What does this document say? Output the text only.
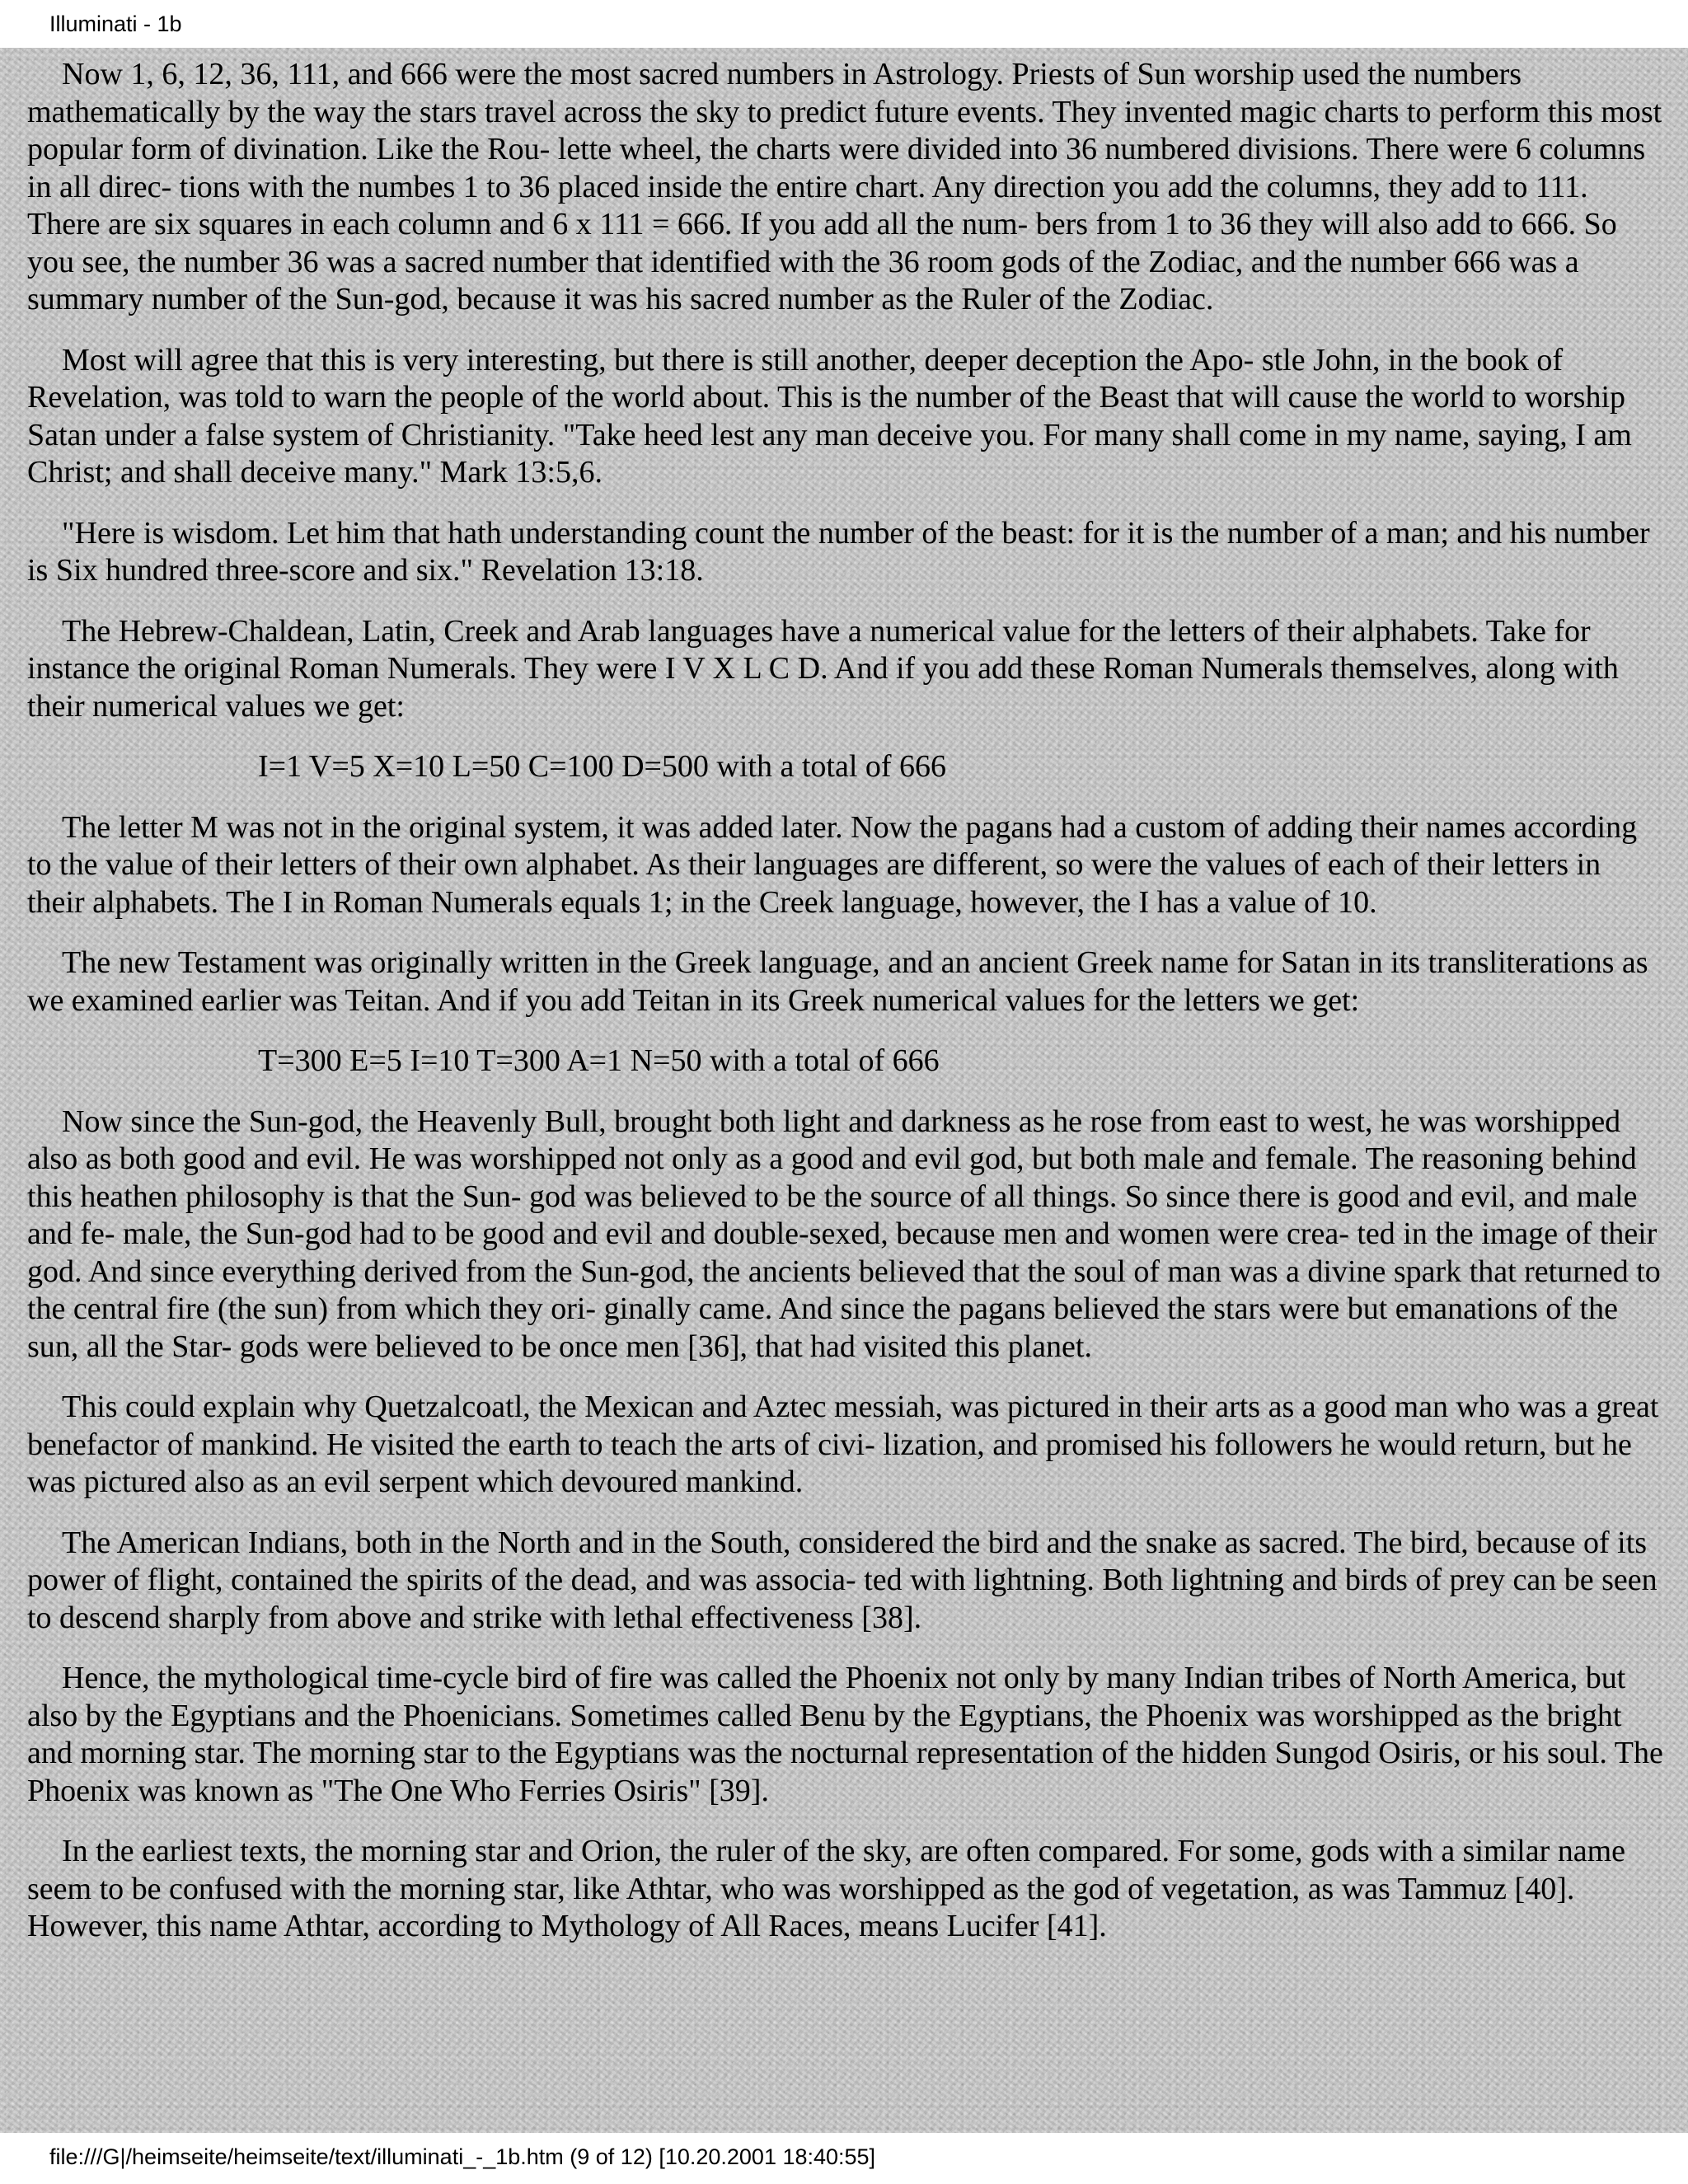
Illuminati - 1b

Now 1, 6, 12, 36, 111, and 666 were the most sacred numbers in Astrology. Priests of Sun worship used the numbers mathematically by the way the stars travel across the sky to predict future events. They invented magic charts to perform this most popular form of divination. Like the Rou- lette wheel, the charts were divided into 36 numbered divisions. There were 6 columns in all direc- tions with the numbes 1 to 36 placed inside the entire chart. Any direction you add the columns, they add to 111. There are six squares in each column and 6 x 111 = 666. If you add all the num- bers from 1 to 36 they will also add to 666. So you see, the number 36 was a sacred number that identified with the 36 room gods of the Zodiac, and the number 666 was a summary number of the Sun-god, because it was his sacred number as the Ruler of the Zodiac.

Most will agree that this is very interesting, but there is still another, deeper deception the Apo- stle John, in the book of Revelation, was told to warn the people of the world about. This is the number of the Beast that will cause the world to worship Satan under a false system of Christianity. "Take heed lest any man deceive you. For many shall come in my name, saying, I am Christ; and shall deceive many." Mark 13:5,6.

"Here is wisdom. Let him that hath understanding count the number of the beast: for it is the number of a man; and his number is Six hundred three-score and six." Revelation 13:18.

The Hebrew-Chaldean, Latin, Creek and Arab languages have a numerical value for the letters of their alphabets. Take for instance the original Roman Numerals. They were I V X L C D. And if you add these Roman Numerals themselves, along with their numerical values we get:

I=1 V=5 X=10 L=50 C=100 D=500 with a total of 666

The letter M was not in the original system, it was added later. Now the pagans had a custom of adding their names according to the value of their letters of their own alphabet. As their languages are different, so were the values of each of their letters in their alphabets. The I in Roman Numerals equals 1; in the Creek language, however, the I has a value of 10.

The new Testament was originally written in the Greek language, and an ancient Greek name for Satan in its transliterations as we examined earlier was Teitan. And if you add Teitan in its Greek numerical values for the letters we get:

T=300 E=5 I=10 T=300 A=1 N=50 with a total of 666

Now since the Sun-god, the Heavenly Bull, brought both light and darkness as he rose from east to west, he was worshipped also as both good and evil. He was worshipped not only as a good and evil god, but both male and female. The reasoning behind this heathen philosophy is that the Sun- god was believed to be the source of all things. So since there is good and evil, and male and fe- male, the Sun-god had to be good and evil and double-sexed, because men and women were crea- ted in the image of their god. And since everything derived from the Sun-god, the ancients believed that the soul of man was a divine spark that returned to the central fire (the sun) from which they ori- ginally came. And since the pagans believed the stars were but emanations of the sun, all the Star- gods were believed to be once men [36], that had visited this planet.

This could explain why Quetzalcoatl, the Mexican and Aztec messiah, was pictured in their arts as a good man who was a great benefactor of mankind. He visited the earth to teach the arts of civi- lization, and promised his followers he would return, but he was pictured also as an evil serpent which devoured mankind.

The American Indians, both in the North and in the South, considered the bird and the snake as sacred. The bird, because of its power of flight, contained the spirits of the dead, and was associa- ted with lightning. Both lightning and birds of prey can be seen to descend sharply from above and strike with lethal effectiveness [38].

Hence, the mythological time-cycle bird of fire was called the Phoenix not only by many Indian tribes of North America, but also by the Egyptians and the Phoenicians. Sometimes called Benu by the Egyptians, the Phoenix was worshipped as the bright and morning star. The morning star to the Egyptians was the nocturnal representation of the hidden Sungod Osiris, or his soul. The Phoenix was known as "The One Who Ferries Osiris" [39].

In the earliest texts, the morning star and Orion, the ruler of the sky, are often compared. For some, gods with a similar name seem to be confused with the morning star, like Athtar, who was worshipped as the god of vegetation, as was Tammuz [40]. However, this name Athtar, according to Mythology of All Races, means Lucifer [41].

file:///G|/heimseite/heimseite/text/illuminati_-_1b.htm (9 of 12) [10.20.2001 18:40:55]
